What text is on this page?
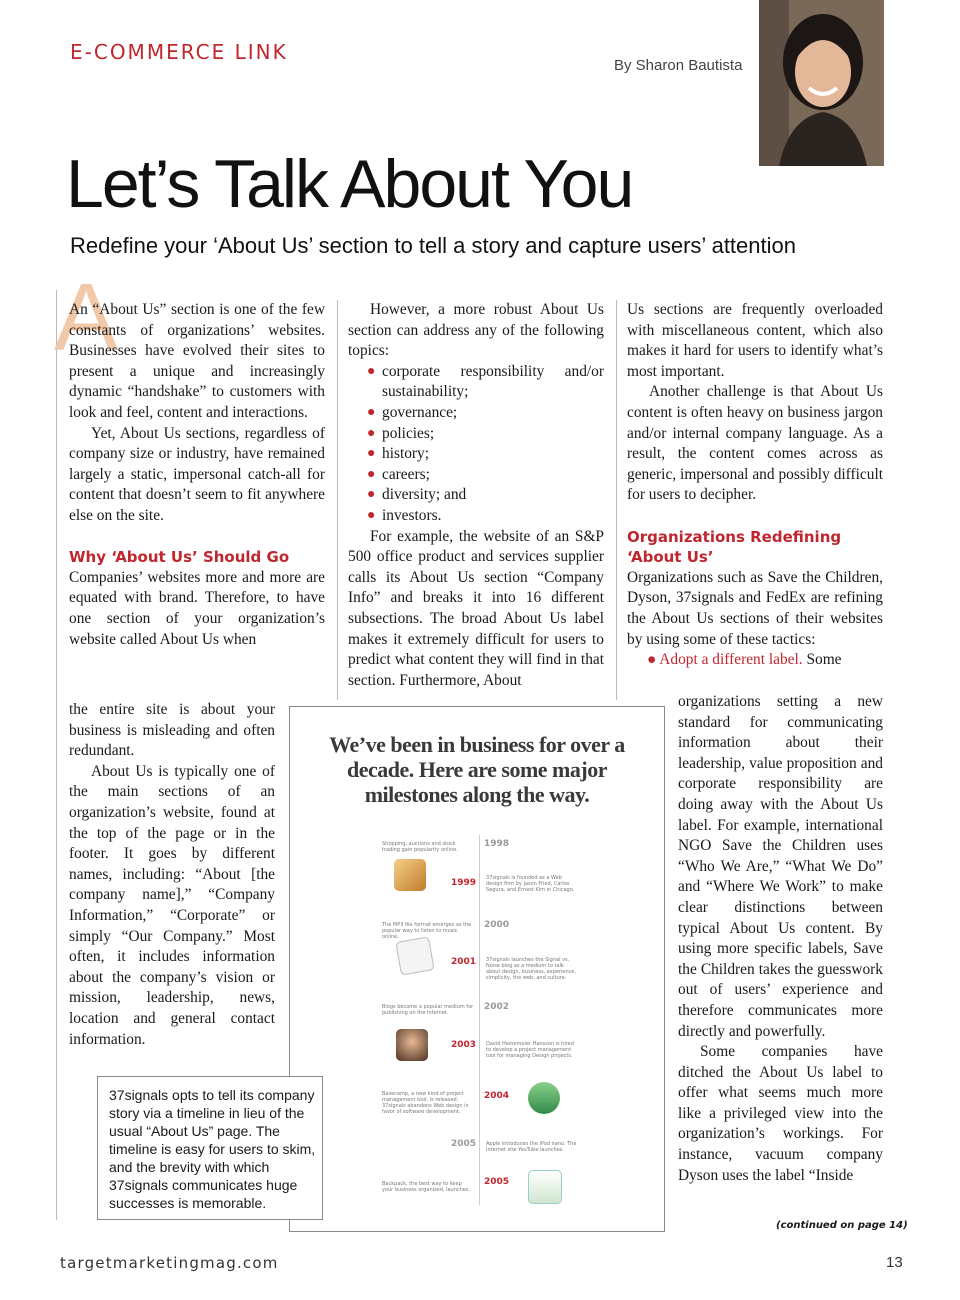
E-COMMERCE LINK
By Sharon Bautista
Let’s Talk About You
Redefine your ‘About Us’ section to tell a story and capture users’ attention
A

An “About Us” section is one of the few constants of organizations’ websites. Businesses have evolved their sites to present a unique and increasingly dynamic “handshake” to customers with look and feel, content and interactions.

Yet, About Us sections, regardless of company size or industry, have remained largely a static, impersonal catch-all for content that doesn’t seem to fit anywhere else on the site.

Why ‘About Us’ Should Go

Companies’ websites more and more are equated with brand. Therefore, to have one section of your organization’s website called About Us when

the entire site is about your business is misleading and often redundant.

About Us is typically one of the main sections of an organization’s website, found at the top of the page or in the footer. It goes by different names, including: “About [the company name],” “Company Information,” “Corporate” or simply “Our Company.” Most often, it includes information about the company’s vision or mission, leadership, news, location and general contact information.

However, a more robust About Us section can address any of the following topics:

● corporate responsibility and/or sustainability;
● governance;
● policies;
● history;
● careers;
● diversity; and
● investors.

For example, the website of an S&P 500 office product and services supplier calls its About Us section “Company Info” and breaks it into 16 different subsections. The broad About Us label makes it extremely difficult for users to predict what content they will find in that section. Furthermore, About

Us sections are frequently overloaded with miscellaneous content, which also makes it hard for users to identify what’s most important.

Another challenge is that About Us content is often heavy on business jargon and/or internal company language. As a result, the content comes across as generic, impersonal and possibly difficult for users to decipher.

Organizations Redefining ‘About Us’

Organizations such as Save the Children, Dyson, 37signals and FedEx are refining the About Us sections of their websites by using some of these tactics:

● Adopt a different label. Some

organizations setting a new standard for communicating information about their leadership, value proposition and corporate responsibility are doing away with the About Us label. For example, international NGO Save the Children uses “Who We Are,” “What We Do” and “Where We Work” to make clear distinctions between typical About Us content. By using more specific labels, Save the Children takes the guesswork out of users’ experience and therefore communicates more directly and powerfully.

Some companies have ditched the About Us label to offer what seems much more like a privileged view into the organization’s workings. For instance, vacuum company Dyson uses the label “Inside

We’ve been in business for over a decade. Here are some major milestones along the way.
Shopping, auctions and stock trading gain popularity online.
1998
1999 37signals is founded as a Web design firm by Jason Fried, Carlos Segura, and Ernest Kim in Chicago.
The MP3 file format emerges as the popular way to listen to music online.
2000
2001 37signals launches the Signal vs. Noise blog as a medium to talk about design, business, experience, simplicity, the web, and culture.
Blogs become a popular medium for publishing on the Internet.
2002
2003 David Heinemeier Hansson is hired to develop a project management tool for managing Design projects.
Basecamp, a new kind of project management tool, is released. 37signals abandons Web design in favor of software development.
2004
2005 Apple introduces the iPod nano. The Internet site YouTube launches.
Backpack, the best way to keep your business organized, launches.
2005
37signals opts to tell its company story via a timeline in lieu of the usual “About Us” page. The timeline is easy for users to skim, and the brevity with which 37signals communicates huge successes is memorable.
(continued on page 14)
targetmarketingmag.com	13
